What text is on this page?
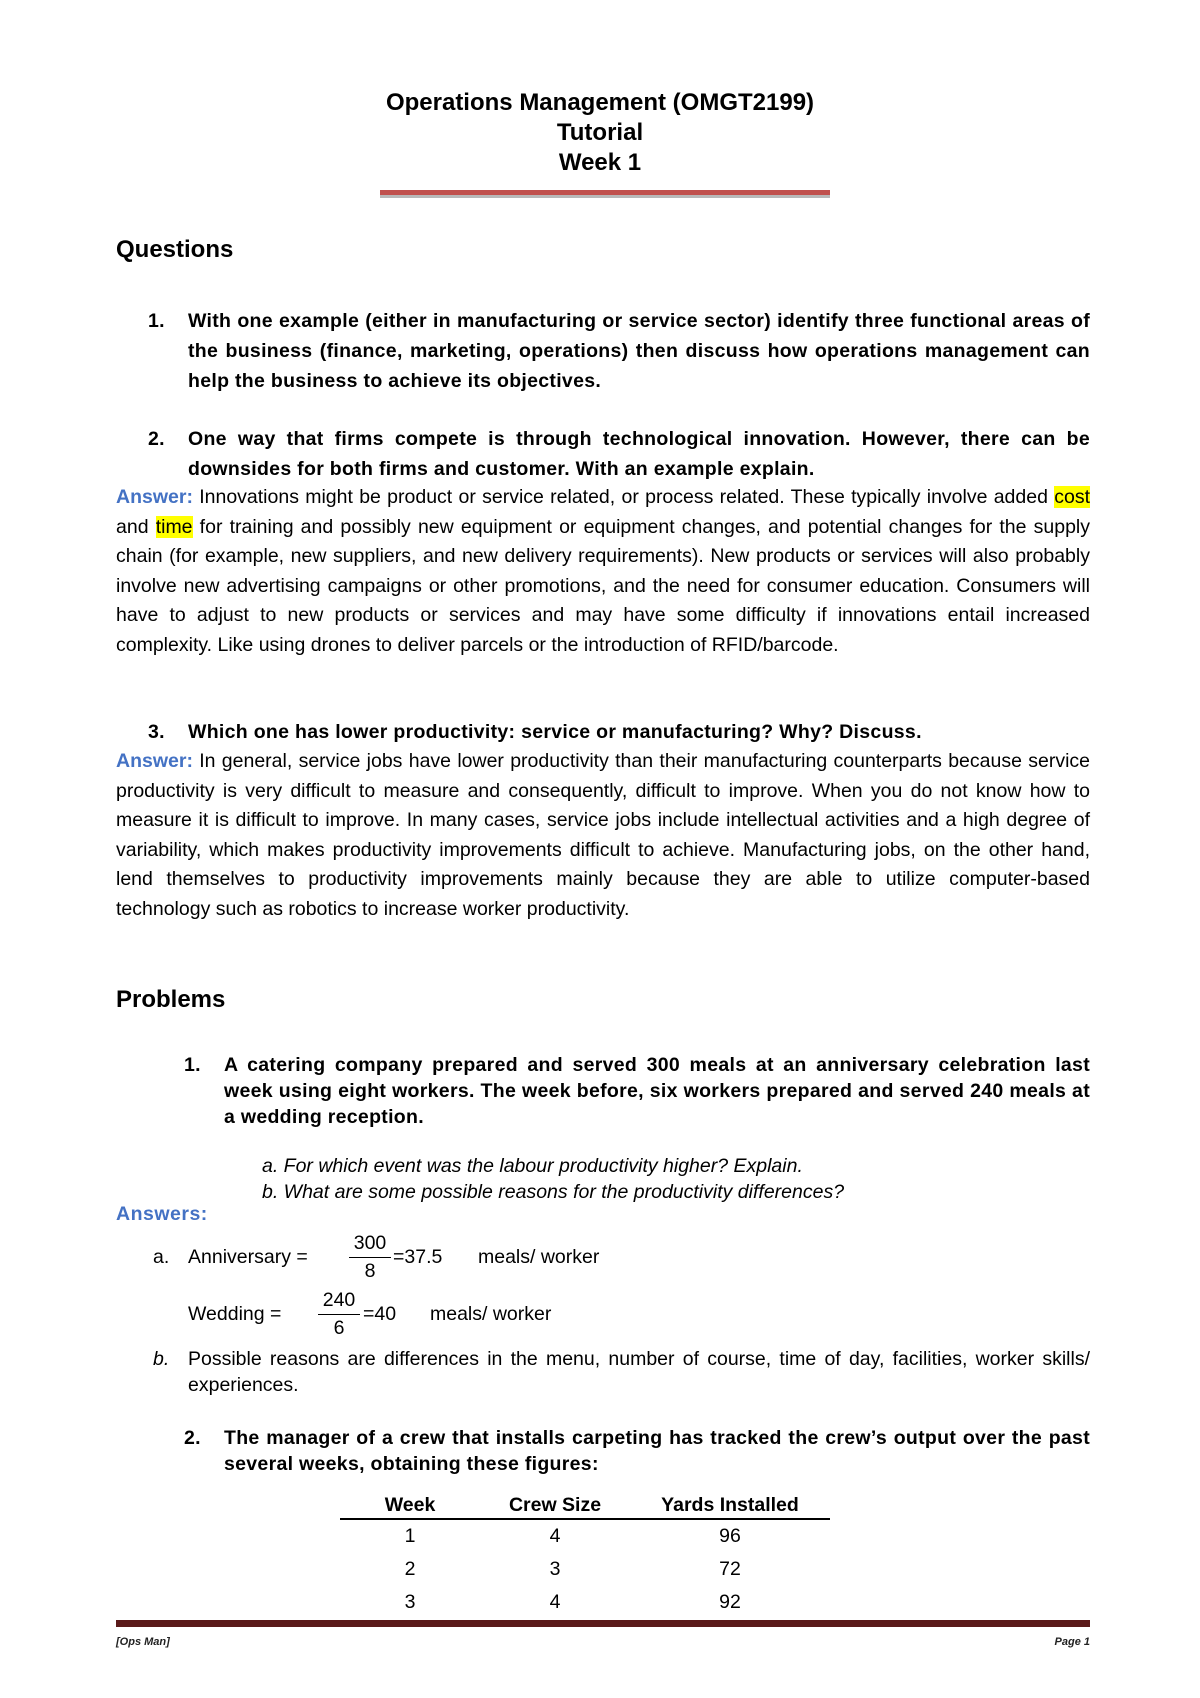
Operations Management (OMGT2199)
Tutorial
Week 1
Questions
1. With one example (either in manufacturing or service sector) identify three functional areas of the business (finance, marketing, operations) then discuss how operations management can help the business to achieve its objectives.
2. One way that firms compete is through technological innovation. However, there can be downsides for both firms and customer. With an example explain.
Answer: Innovations might be product or service related, or process related. These typically involve added cost and time for training and possibly new equipment or equipment changes, and potential changes for the supply chain (for example, new suppliers, and new delivery requirements). New products or services will also probably involve new advertising campaigns or other promotions, and the need for consumer education. Consumers will have to adjust to new products or services and may have some difficulty if innovations entail increased complexity. Like using drones to deliver parcels or the introduction of RFID/barcode.
3. Which one has lower productivity: service or manufacturing? Why? Discuss.
Answer: In general, service jobs have lower productivity than their manufacturing counterparts because service productivity is very difficult to measure and consequently, difficult to improve. When you do not know how to measure it is difficult to improve. In many cases, service jobs include intellectual activities and a high degree of variability, which makes productivity improvements difficult to achieve. Manufacturing jobs, on the other hand, lend themselves to productivity improvements mainly because they are able to utilize computer-based technology such as robotics to increase worker productivity.
Problems
1. A catering company prepared and served 300 meals at an anniversary celebration last week using eight workers. The week before, six workers prepared and served 240 meals at a wedding reception.
a. For which event was the labour productivity higher? Explain.
b. What are some possible reasons for the productivity differences?
Answers:
a. Anniversary =
300
8
=37.5 meals/ worker
Wedding =
240
6
=40 meals/ worker
b. Possible reasons are differences in the menu, number of course, time of day, facilities, worker skills/ experiences.
2. The manager of a crew that installs carpeting has tracked the crew’s output over the past several weeks, obtaining these figures:
Week	Crew Size	Yards Installed
1	4	96
2	3	72
3	4	92
[Ops Man]	Page 1
